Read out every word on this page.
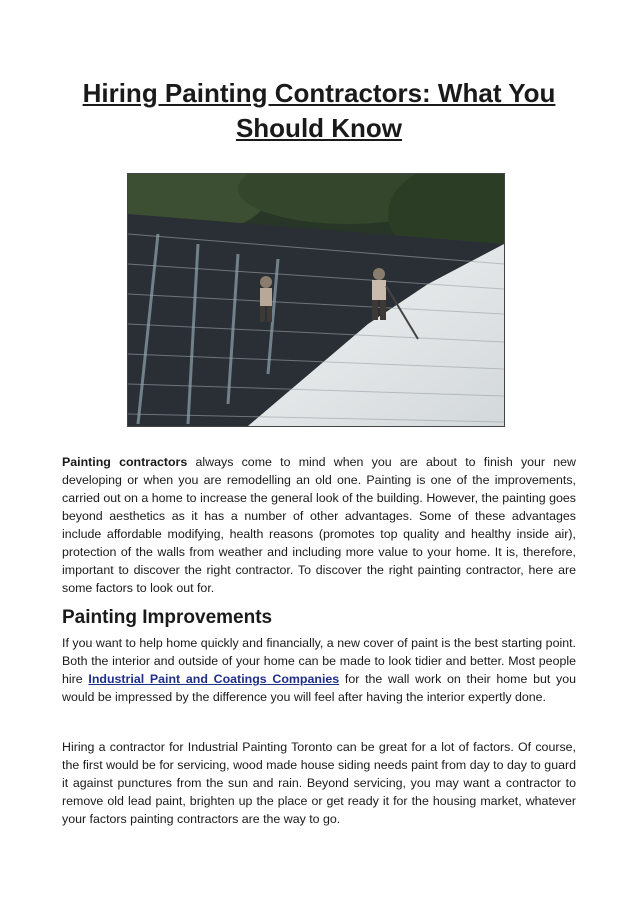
Hiring Painting Contractors: What You Should Know

Painting contractors always come to mind when you are about to finish your new developing or when you are remodelling an old one. Painting is one of the improvements, carried out on a home to increase the general look of the building. However, the painting goes beyond aesthetics as it has a number of other advantages. Some of these advantages include affordable modifying, health reasons (promotes top quality and healthy inside air), protection of the walls from weather and including more value to your home. It is, therefore, important to discover the right contractor. To discover the right painting contractor, here are some factors to look out for.

Painting Improvements

If you want to help home quickly and financially, a new cover of paint is the best starting point. Both the interior and outside of your home can be made to look tidier and better. Most people hire Industrial Paint and Coatings Companies for the wall work on their home but you would be impressed by the difference you will feel after having the interior expertly done.

Hiring a contractor for Industrial Painting Toronto can be great for a lot of factors. Of course, the first would be for servicing, wood made house siding needs paint from day to day to guard it against punctures from the sun and rain. Beyond servicing, you may want a contractor to remove old lead paint, brighten up the place or get ready it for the housing market, whatever your factors painting contractors are the way to go.
